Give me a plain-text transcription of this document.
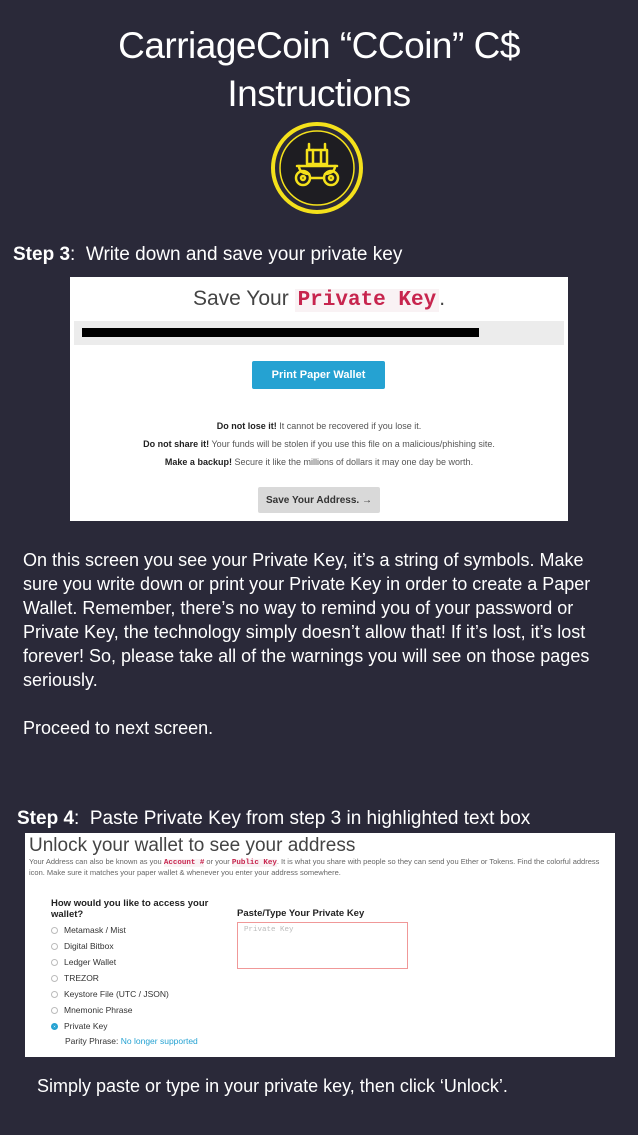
CarriageCoin “CCoin” C$
Instructions
Step 3: Write down and save your private key
Save Your Private Key .
Print Paper Wallet
Do not lose it! It cannot be recovered if you lose it.
Do not share it! Your funds will be stolen if you use this file on a malicious/phishing site.
Make a backup! Secure it like the millions of dollars it may one day be worth.
Save Your Address. →
On this screen you see your Private Key, it’s a string of symbols. Make sure you write down or print your Private Key in order to create a Paper Wallet. Remember, there’s no way to remind you of your password or Private Key, the technology simply doesn’t allow that! If it’s lost, it’s lost forever! So, please take all of the warnings you will see on those pages seriously.
Proceed to next screen.
Step 4: Paste Private Key from step 3 in highlighted text box
Unlock your wallet to see your address
Your Address can also be known as you Account # or your Public Key. It is what you share with people so they can send you Ether or Tokens. Find the colorful address icon. Make sure it matches your paper wallet & whenever you enter your address somewhere.
How would you like to access your wallet?
Metamask / Mist
Digital Bitbox
Ledger Wallet
TREZOR
Keystore File (UTC / JSON)
Mnemonic Phrase
Private Key
Parity Phrase: No longer supported
Paste/Type Your Private Key
Private Key
Simply paste or type in your private key, then click ‘Unlock’.
